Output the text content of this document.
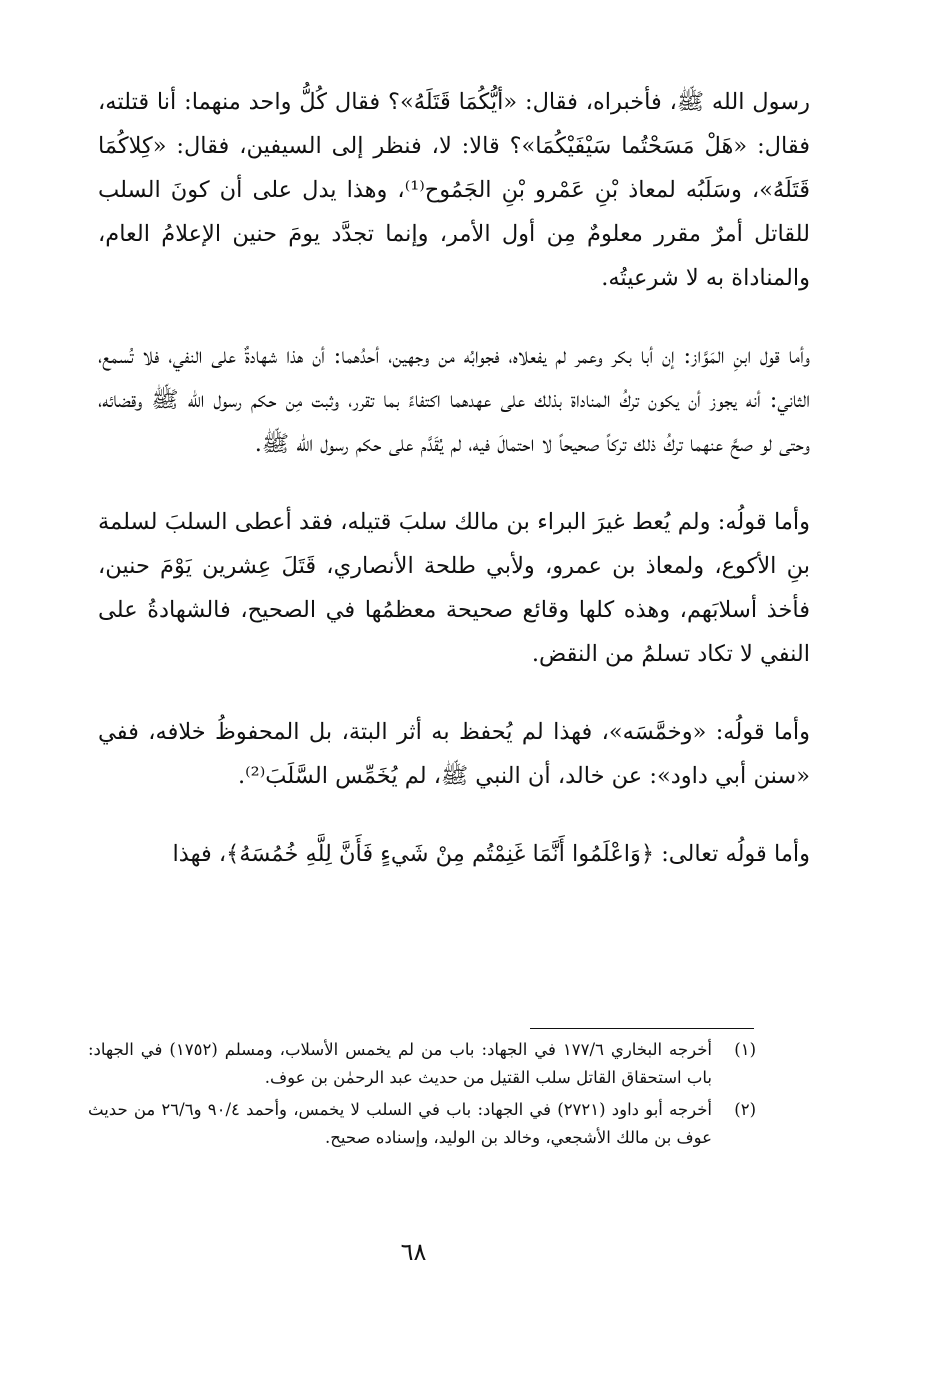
رسول الله ﷺ، فأخبراه، فقال: «أيُّكُمَا قَتَلَهُ»؟ فقال كُلُّ واحد منهما: أنا قتلته، فقال: «هَلْ مَسَحْتُما سَيْفَيْكُمَا»؟ قالا: لا، فنظر إلى السيفين، فقال: «كِلاكُمَا قَتَلَهُ»، وسَلَبُه لمعاذ بْنِ عَمْرو بْنِ الجَمُوح⁽¹⁾، وهذا يدل على أن كونَ السلب للقاتل أمرٌ مقرر معلومٌ مِن أول الأمر، وإنما تجدَّد يومَ حنين الإعلامُ العام، والمناداة به لا شرعيتُه.

وأما قول ابنِ المَوَّاز: إن أبا بكر وعمر لم يفعلاه، فجوابُه من وجهين، أحدُهما: أن هذا شهادةٌ على النفي، فلا تُسمع، الثاني: أنه يجوز أن يكون تركُ المناداة بذلك على عهدهما اكتفاءً بما تقرر، وثبت مِن حكم رسول الله ﷺ وقضائه، وحتى لو صحَّ عنهما تركُ ذلك تركاً صحيحاً لا احتمالَ فيه، لم يُقَدَّم على حكم رسول الله ﷺ.

وأما قولُه: ولم يُعط غيرَ البراء بن مالك سلبَ قتيله، فقد أعطى السلبَ لسلمة بنِ الأكوع، ولمعاذ بن عمرو، ولأبي طلحة الأنصاري، قَتَلَ عِشرين يَوْمَ حنين، فأخذ أسلابَهم، وهذه كلها وقائع صحيحة معظمُها في الصحيح، فالشهادةُ على النفي لا تكاد تسلمُ من النقض.

وأما قولُه: «وخمَّسَه»، فهذا لم يُحفظ به أثر البتة، بل المحفوظُ خلافه، ففي «سنن أبي داود»: عن خالد، أن النبي ﷺ، لم يُخَمِّس السَّلَبَ⁽²⁾.

وأما قولُه تعالى: ﴿وَاعْلَمُوا أَنَّمَا غَنِمْتُم مِنْ شَيءٍ فَأَنَّ لِلَّهِ خُمُسَهُ﴾، فهذا

(١)
أخرجه البخاري ١٧٧/٦ في الجهاد: باب من لم يخمس الأسلاب، ومسلم (١٧٥٢) في الجهاد: باب استحقاق القاتل سلب القتيل من حديث عبد الرحمٰن بن عوف.
(٢)
أخرجه أبو داود (٢٧٢١) في الجهاد: باب في السلب لا يخمس، وأحمد ٩٠/٤ و٢٦/٦ من حديث عوف بن مالك الأشجعي، وخالد بن الوليد، وإسناده صحيح.
٦٨
